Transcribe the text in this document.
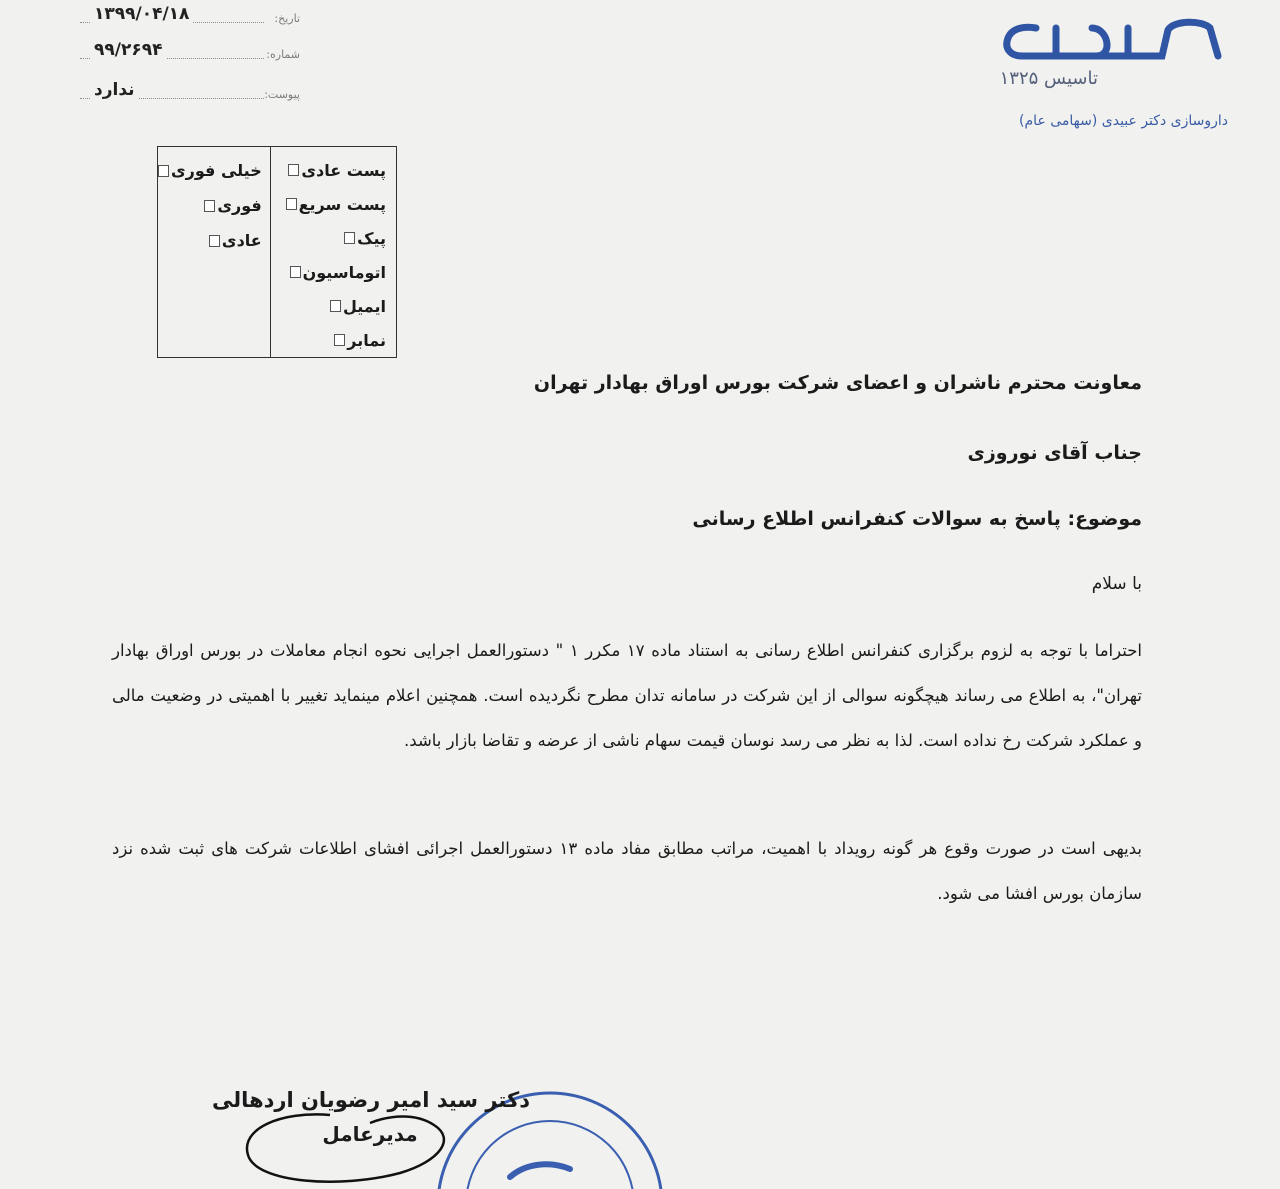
تاسیس ۱۳۲۵
داروسازی دکتر عبیدی (سهامی عام)
تاریخ:
۱۳۹۹/۰۴/۱۸
شماره:
۹۹/۲۶۹۴
پیوست:
ندارد
پست عادی
پست سریع
پیک
اتوماسیون
ایمیل
نمابر
خیلی فوری
فوری
عادی
معاونت محترم ناشران و اعضای شرکت بورس اوراق بهادار تهران
جناب آقای نوروزی
موضوع: پاسخ به سوالات کنفرانس اطلاع رسانی
با سلام
احتراما با توجه به لزوم برگزاری کنفرانس اطلاع رسانی به استناد ماده ۱۷ مکرر ۱ " دستورالعمل اجرایی نحوه انجام معاملات در بورس اوراق بهادار تهران"، به اطلاع می رساند هیچگونه سوالی از این شرکت در سامانه تدان مطرح نگردیده است. همچنین اعلام مینماید تغییر با اهمیتی در وضعیت مالی و عملکرد شرکت رخ نداده است. لذا به نظر می رسد نوسان قیمت سهام ناشی از عرضه و تقاضا بازار باشد.
بدیهی است در صورت وقوع هر گونه رویداد با اهمیت، مراتب مطابق مفاد ماده ۱۳ دستورالعمل اجرائی افشای اطلاعات شرکت های ثبت شده نزد سازمان بورس افشا می شود.
دکتر سید امیر رضویان اردهالی
مدیرعامل
